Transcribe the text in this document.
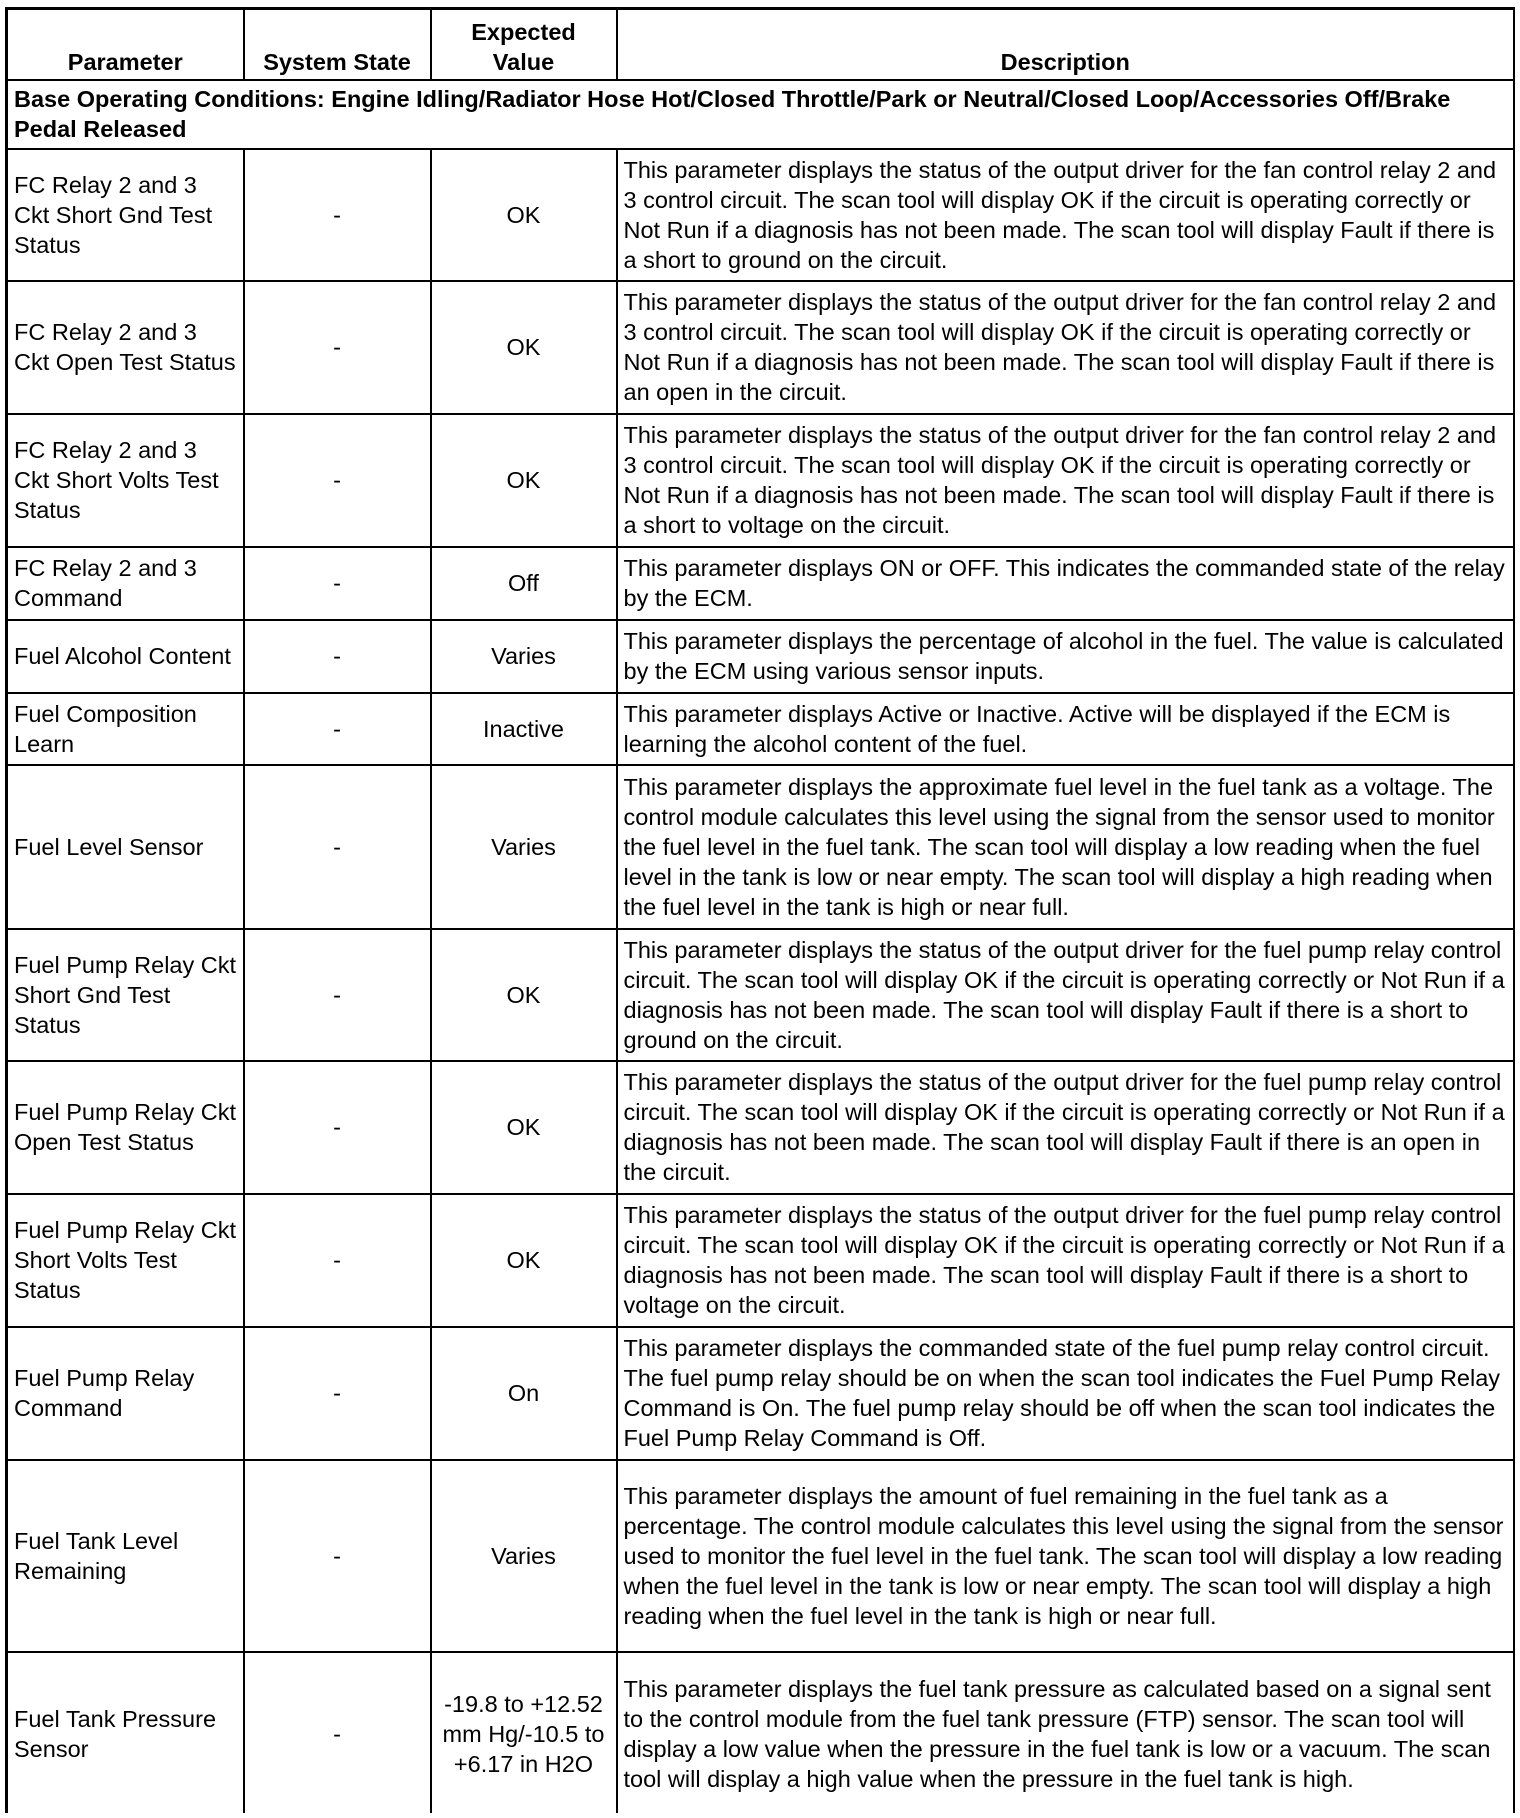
Parameter	System State	Expected Value	Description
Base Operating Conditions: Engine Idling/Radiator Hose Hot/Closed Throttle/Park or Neutral/Closed Loop/Accessories Off/Brake Pedal Released			
FC Relay 2 and 3 Ckt Short Gnd Test Status	-	OK	This parameter displays the status of the output driver for the fan control relay 2 and 3 control circuit. The scan tool will display OK if the circuit is operating correctly or Not Run if a diagnosis has not been made. The scan tool will display Fault if there is a short to ground on the circuit.
FC Relay 2 and 3 Ckt Open Test Status	-	OK	This parameter displays the status of the output driver for the fan control relay 2 and 3 control circuit. The scan tool will display OK if the circuit is operating correctly or Not Run if a diagnosis has not been made. The scan tool will display Fault if there is an open in the circuit.
FC Relay 2 and 3 Ckt Short Volts Test Status	-	OK	This parameter displays the status of the output driver for the fan control relay 2 and 3 control circuit. The scan tool will display OK if the circuit is operating correctly or Not Run if a diagnosis has not been made. The scan tool will display Fault if there is a short to voltage on the circuit.
FC Relay 2 and 3 Command	-	Off	This parameter displays ON or OFF. This indicates the commanded state of the relay by the ECM.
Fuel Alcohol Content	-	Varies	This parameter displays the percentage of alcohol in the fuel. The value is calculated by the ECM using various sensor inputs.
Fuel Composition Learn	-	Inactive	This parameter displays Active or Inactive. Active will be displayed if the ECM is learning the alcohol content of the fuel.
Fuel Level Sensor	-	Varies	This parameter displays the approximate fuel level in the fuel tank as a voltage. The control module calculates this level using the signal from the sensor used to monitor the fuel level in the fuel tank. The scan tool will display a low reading when the fuel level in the tank is low or near empty. The scan tool will display a high reading when the fuel level in the tank is high or near full.
Fuel Pump Relay Ckt Short Gnd Test Status	-	OK	This parameter displays the status of the output driver for the fuel pump relay control circuit. The scan tool will display OK if the circuit is operating correctly or Not Run if a diagnosis has not been made. The scan tool will display Fault if there is a short to ground on the circuit.
Fuel Pump Relay Ckt Open Test Status	-	OK	This parameter displays the status of the output driver for the fuel pump relay control circuit. The scan tool will display OK if the circuit is operating correctly or Not Run if a diagnosis has not been made. The scan tool will display Fault if there is an open in the circuit.
Fuel Pump Relay Ckt Short Volts Test Status	-	OK	This parameter displays the status of the output driver for the fuel pump relay control circuit. The scan tool will display OK if the circuit is operating correctly or Not Run if a diagnosis has not been made. The scan tool will display Fault if there is a short to voltage on the circuit.
Fuel Pump Relay Command	-	On	This parameter displays the commanded state of the fuel pump relay control circuit. The fuel pump relay should be on when the scan tool indicates the Fuel Pump Relay Command is On. The fuel pump relay should be off when the scan tool indicates the Fuel Pump Relay Command is Off.
Fuel Tank Level Remaining	-	Varies	This parameter displays the amount of fuel remaining in the fuel tank as a percentage. The control module calculates this level using the signal from the sensor used to monitor the fuel level in the fuel tank. The scan tool will display a low reading when the fuel level in the tank is low or near empty. The scan tool will display a high reading when the fuel level in the tank is high or near full.
Fuel Tank Pressure Sensor	-	-19.8 to +12.52 mm Hg/-10.5 to +6.17 in H2O	This parameter displays the fuel tank pressure as calculated based on a signal sent to the control module from the fuel tank pressure (FTP) sensor. The scan tool will display a low value when the pressure in the fuel tank is low or a vacuum. The scan tool will display a high value when the pressure in the fuel tank is high.
